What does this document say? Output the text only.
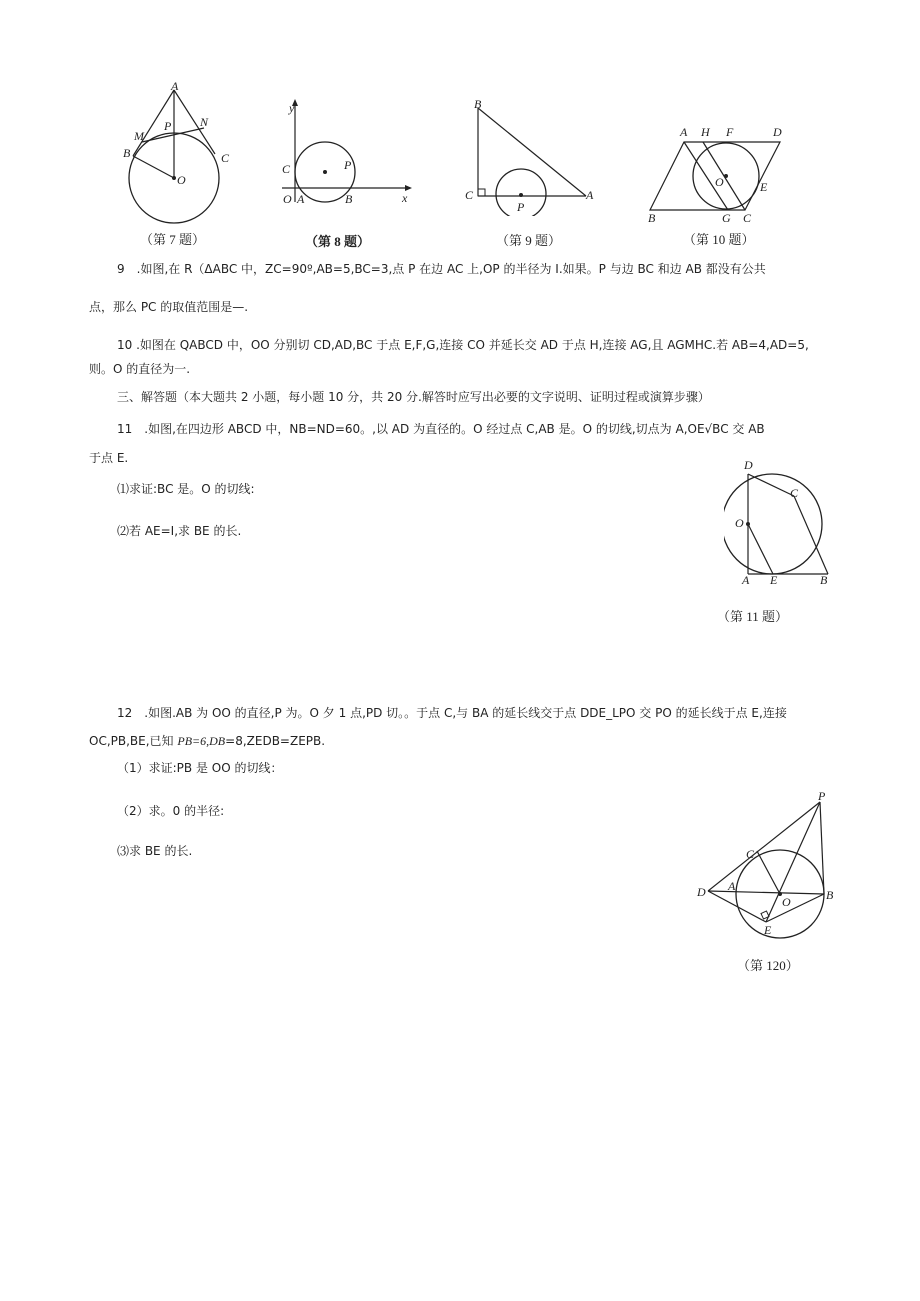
A
P
M
N
B	C
O
（第 7 题）
y
C	P
O A	B	x
（第 8 题）
B
C
P
A
（第 9 题）
A H F	D
O	E
B	G C
（第 10 题）
9　.如图,在 R（ΔABC 中，ZC=90º,AB=5,BC=3,点 P 在边 AC 上,OP 的半径为 I.如果。P 与边 BC 和边 AB 都没有公共
点，那么 PC 的取值范围是—.
10 .如图在 QABCD 中，OO 分别切 CD,AD,BC 于点 E,F,G,连接 CO 并延长交 AD 于点 H,连接 AG,且 AGMHC.若 AB=4,AD=5,
则。O 的直径为一.
三、解答题（本大题共 2 小题，每小题 10 分，共 20 分.解答时应写出必要的文字说明、证明过程或演算步骤）
11　.如图,在四边形 ABCD 中，NB=ND=60。,以 AD 为直径的。O 经过点 C,AB 是。O 的切线,切点为 A,OE√BC 交 AB
于点 E.
⑴求证:BC 是。O 的切线:
⑵若 AE=I,求 BE 的长.
D
C
O
A E	B
（第 11 题）
12　.如图.AB 为 OO 的直径,P 为。O 夕 1 点,PD 切。。于点 C,与 BA 的延长线交于点 DDE_LPO 交 PO 的延长线于点 E,连接
OC,PB,BE,已知 PB=6,DB=8,ZEDB=ZEPB.
（1）求证:PB 是 OO 的切线：
（2）求。0 的半径:
⑶求 BE 的长.
P
C
D A
O	B
E
（第 120）
